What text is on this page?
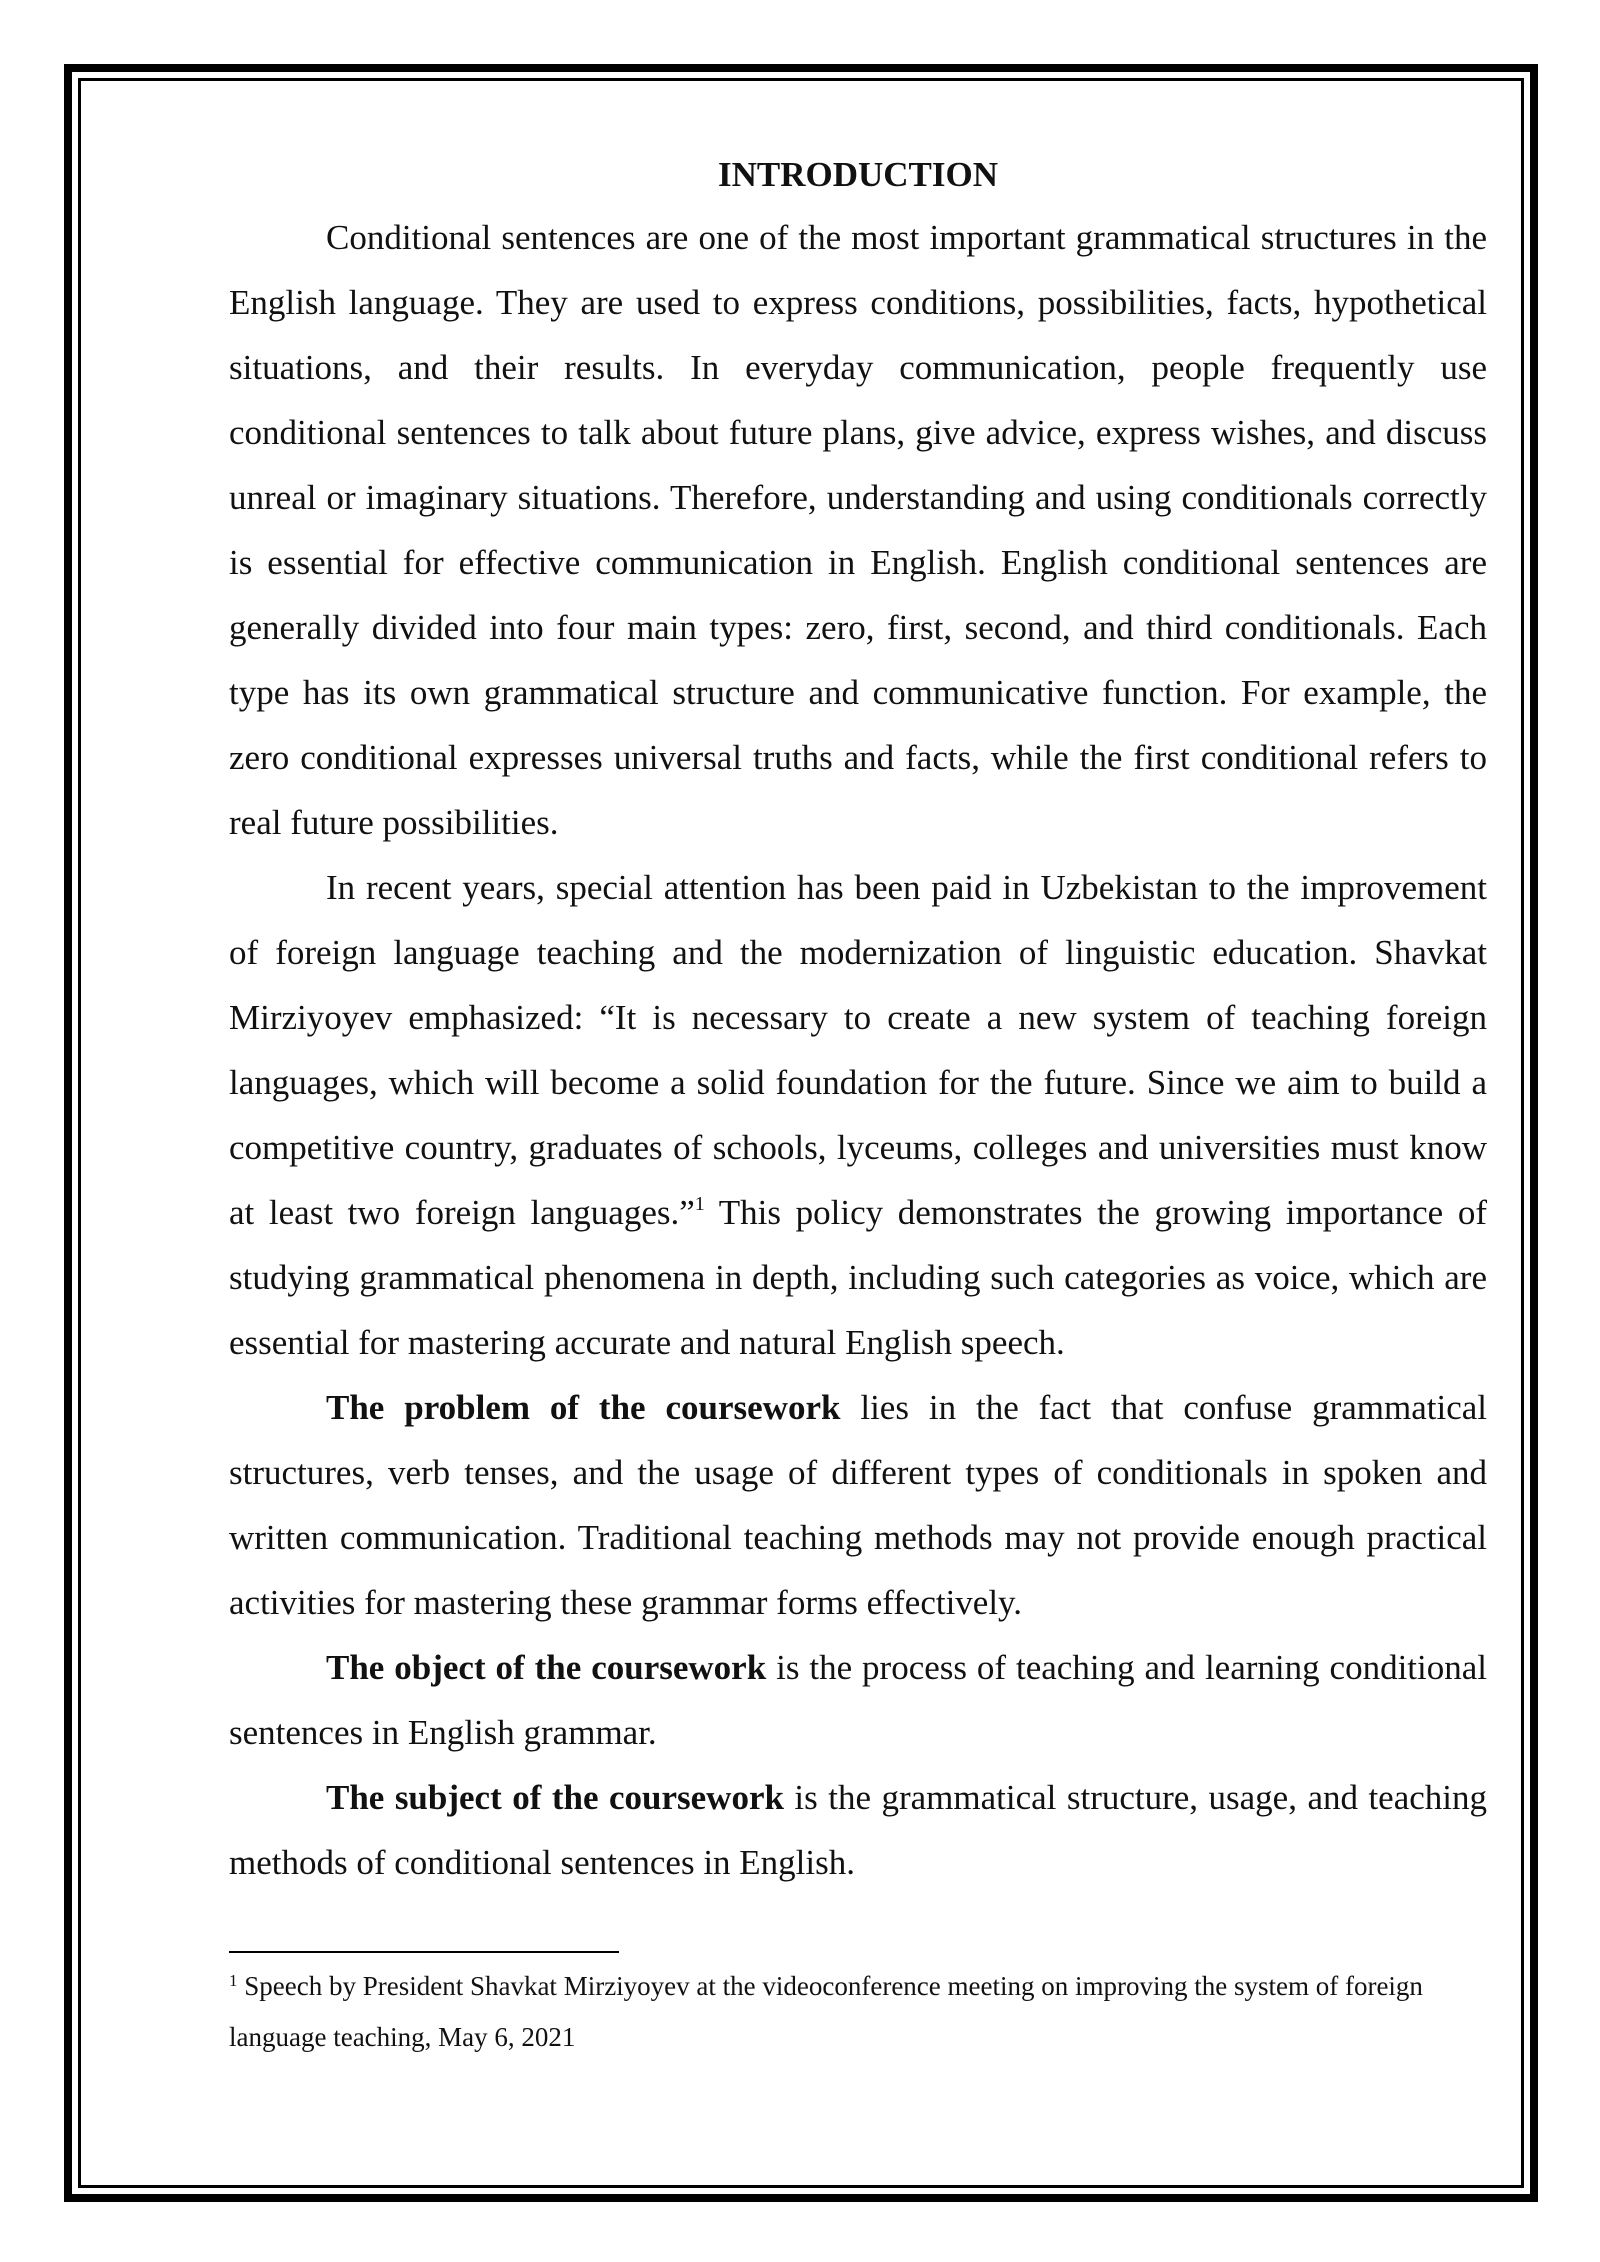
INTRODUCTION

Conditional sentences are one of the most important grammatical structures in the English language. They are used to express conditions, possibilities, facts, hypothetical situations, and their results. In everyday communication, people frequently use conditional sentences to talk about future plans, give advice, express wishes, and discuss unreal or imaginary situations. Therefore, understanding and using conditionals correctly is essential for effective communication in English. English conditional sentences are generally divided into four main types: zero, first, second, and third conditionals. Each type has its own grammatical structure and communicative function. For example, the zero conditional expresses universal truths and facts, while the first conditional refers to real future possibilities.

In recent years, special attention has been paid in Uzbekistan to the improvement of foreign language teaching and the modernization of linguistic education. Shavkat Mirziyoyev emphasized: “It is necessary to create a new system of teaching foreign languages, which will become a solid foundation for the future. Since we aim to build a competitive country, graduates of schools, lyceums, colleges and universities must know at least two foreign languages.”$^1$ This policy demonstrates the growing importance of studying grammatical phenomena in depth, including such categories as voice, which are essential for mastering accurate and natural English speech.

The problem of the coursework lies in the fact that confuse grammatical structures, verb tenses, and the usage of different types of conditionals in spoken and written communication. Traditional teaching methods may not provide enough practical activities for mastering these grammar forms effectively.

The object of the coursework is the process of teaching and learning conditional sentences in English grammar.

The subject of the coursework is the grammatical structure, usage, and teaching methods of conditional sentences in English.

$^1$ Speech by President Shavkat Mirziyoyev at the videoconference meeting on improving the system of foreign language teaching, May 6, 2021
